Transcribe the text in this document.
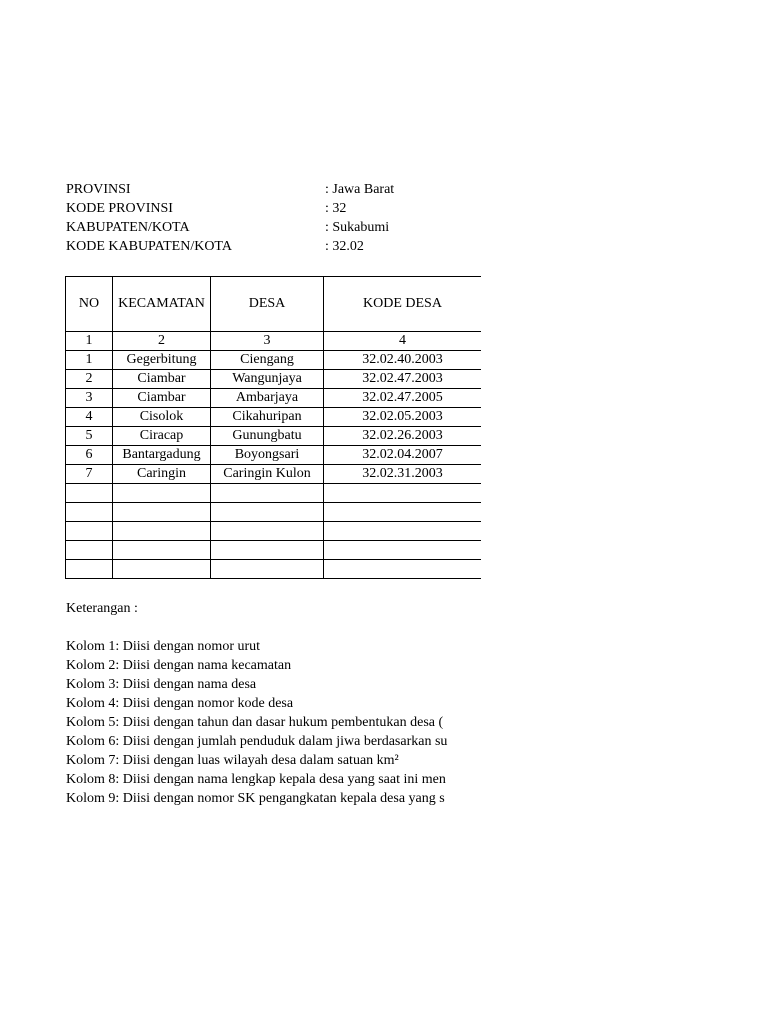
PROVINSI	: Jawa Barat
KODE PROVINSI	: 32
KABUPATEN/KOTA	: Sukabumi
KODE KABUPATEN/KOTA	: 32.02
NO	KECAMATAN	DESA	KODE DESA
1	2	3	4
1	Gegerbitung	Ciengang	32.02.40.2003
2	Ciambar	Wangunjaya	32.02.47.2003
3	Ciambar	Ambarjaya	32.02.47.2005
4	Cisolok	Cikahuripan	32.02.05.2003
5	Ciracap	Gunungbatu	32.02.26.2003
6	Bantargadung	Boyongsari	32.02.04.2007
7	Caringin	Caringin Kulon	32.02.31.2003

Keterangan :
Kolom 1: Diisi dengan nomor urut
Kolom 2: Diisi dengan nama kecamatan
Kolom 3: Diisi dengan nama desa
Kolom 4: Diisi dengan nomor kode desa
Kolom 5: Diisi dengan tahun dan dasar hukum pembentukan desa (
Kolom 6: Diisi dengan jumlah penduduk dalam jiwa berdasarkan su
Kolom 7: Diisi dengan luas wilayah desa dalam satuan km²
Kolom 8: Diisi dengan nama lengkap kepala desa yang saat ini men
Kolom 9: Diisi dengan nomor SK pengangkatan kepala desa yang s
